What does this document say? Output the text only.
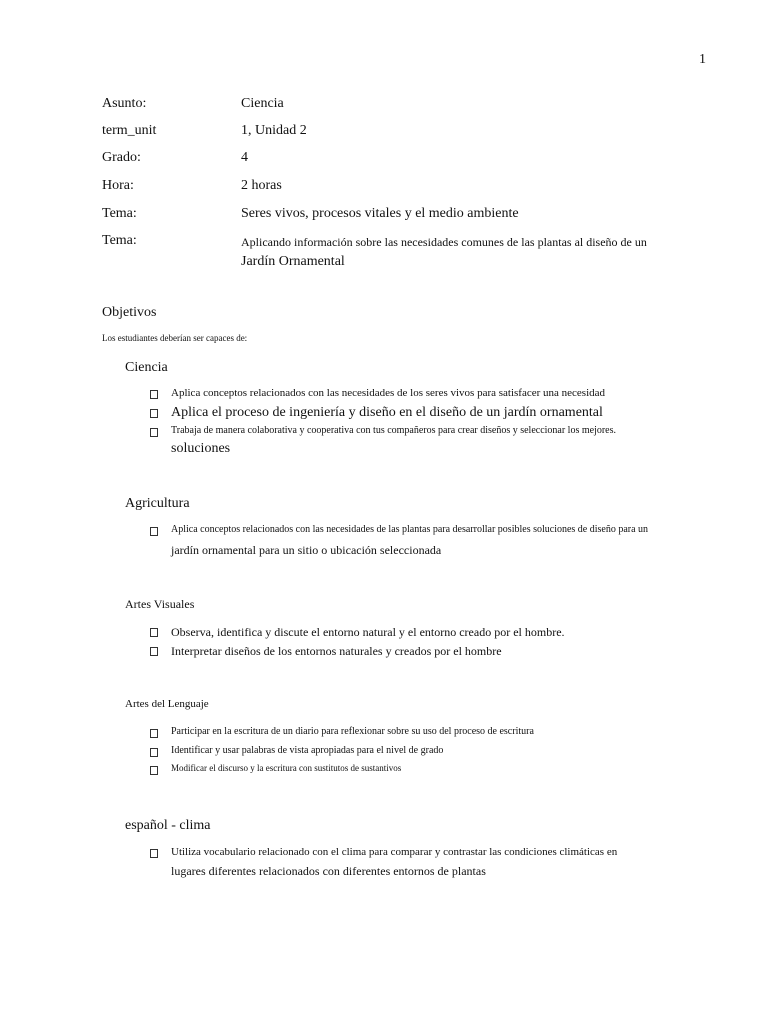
1
Asunto:	Ciencia
term_unit	1, Unidad 2
Grado:	4
Hora:	2 horas
Tema:	Seres vivos, procesos vitales y el medio ambiente
Tema:	Aplicando información sobre las necesidades comunes de las plantas al diseño de un
Jardín Ornamental
Objetivos
Los estudiantes deberían ser capaces de:
Ciencia
Aplica conceptos relacionados con las necesidades de los seres vivos para satisfacer una necesidad
Aplica el proceso de ingeniería y diseño en el diseño de un jardín ornamental
Trabaja de manera colaborativa y cooperativa con tus compañeros para crear diseños y seleccionar los mejores.
soluciones
Agricultura
Aplica conceptos relacionados con las necesidades de las plantas para desarrollar posibles soluciones de diseño para un
jardín ornamental para un sitio o ubicación seleccionada
Artes Visuales
Observa, identifica y discute el entorno natural y el entorno creado por el hombre.
Interpretar diseños de los entornos naturales y creados por el hombre
Artes del Lenguaje
Participar en la escritura de un diario para reflexionar sobre su uso del proceso de escritura
Identificar y usar palabras de vista apropiadas para el nivel de grado
Modificar el discurso y la escritura con sustitutos de sustantivos
español - clima
Utiliza vocabulario relacionado con el clima para comparar y contrastar las condiciones climáticas en
lugares diferentes relacionados con diferentes entornos de plantas
